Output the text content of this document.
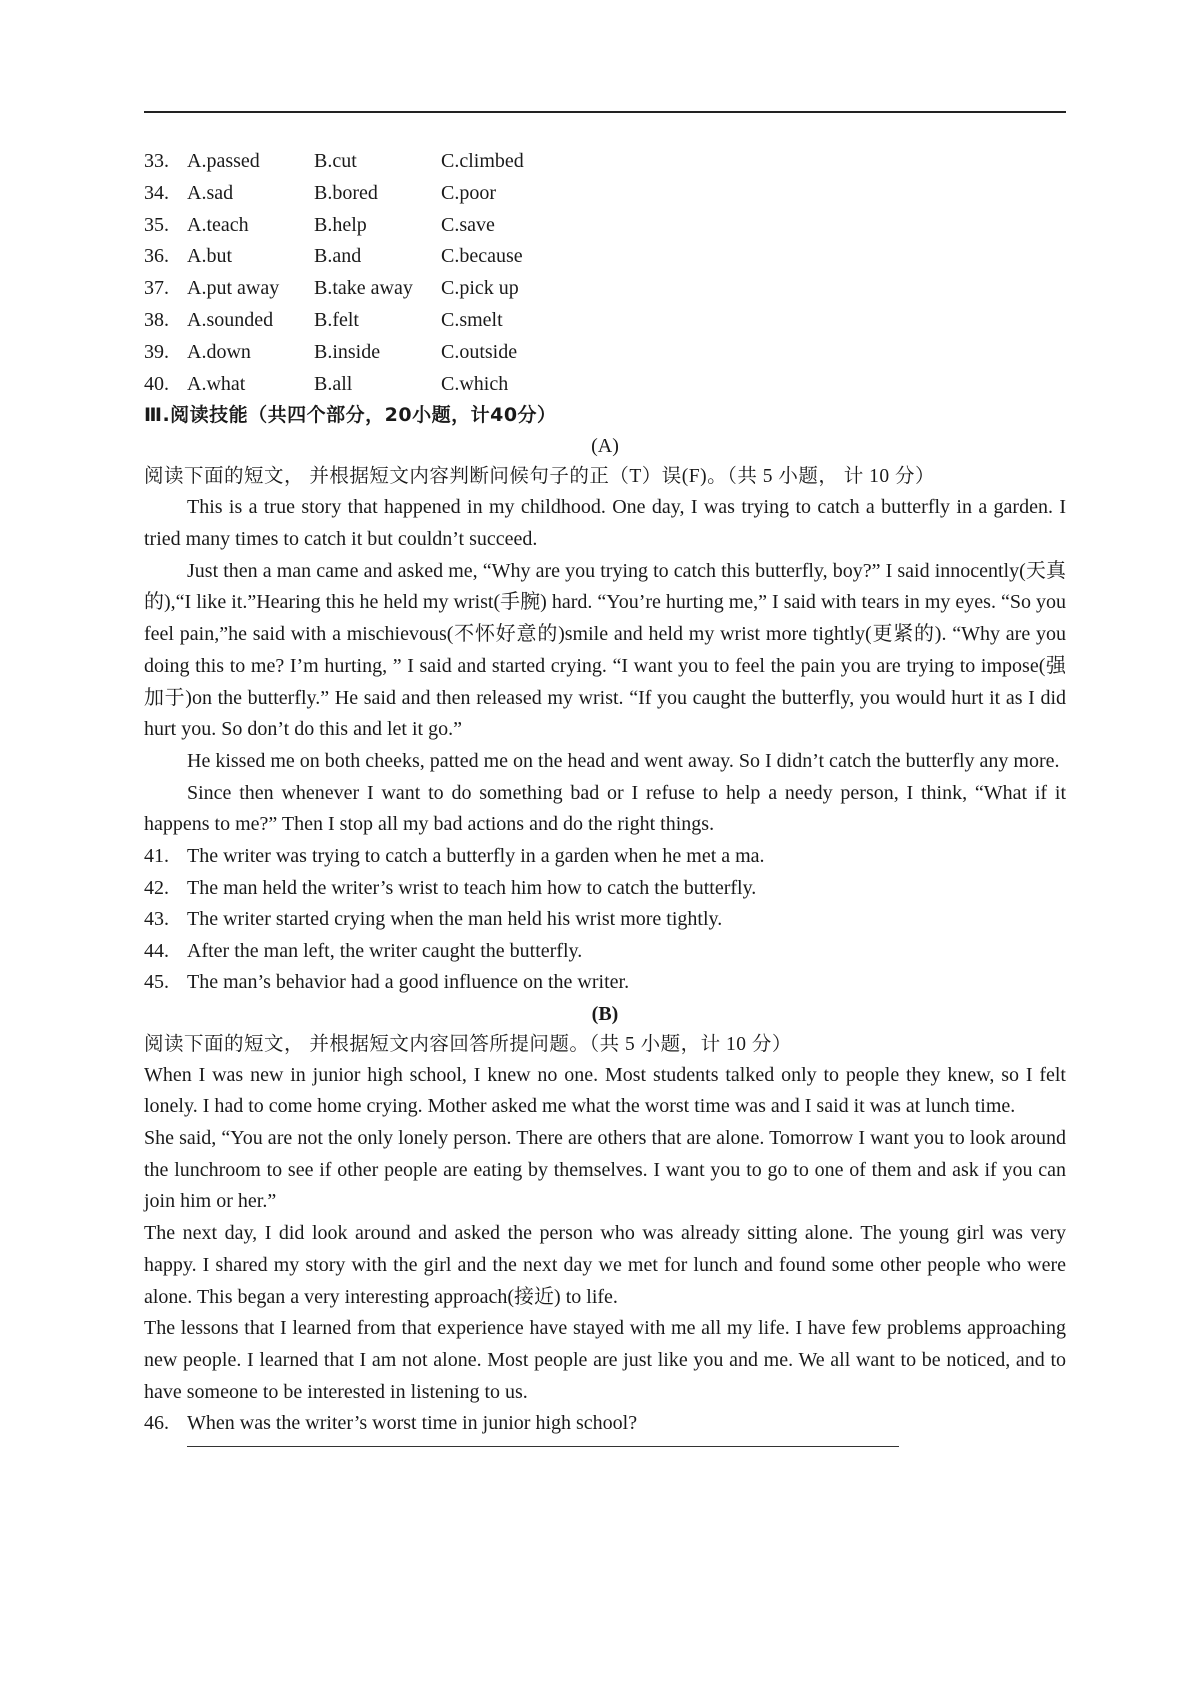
33. A.passed	B.cut	C.climbed
34. A.sad	B.bored	C.poor
35. A.teach	B.help	C.save
36. A.but	B.and	C.because
37. A.put away	B.take away	C.pick up
38. A.sounded	B.felt	C.smelt
39. A.down	B.inside	C.outside
40. A.what	B.all	C.which
Ⅲ.阅读技能（共四个部分，20小题，计40分）
(A)
阅读下面的短文， 并根据短文内容判断问候句子的正（T）误(F)。（共 5 小题， 计 10 分）

This is a true story that happened in my childhood. One day, I was trying to catch a butterfly in a garden. I tried many times to catch it but couldn’t succeed.

Just then a man came and asked me, “Why are you trying to catch this butterfly, boy?” I said innocently(天真的),“I like it.”Hearing this he held my wrist(手腕) hard. “You’re hurting me,” I said with tears in my eyes. “So you feel pain,”he said with a mischievous(不怀好意的)smile and held my wrist more tightly(更紧的). “Why are you doing this to me? I’m hurting, ” I said and started crying. “I want you to feel the pain you are trying to impose(强加于)on the butterfly.” He said and then released my wrist. “If you caught the butterfly, you would hurt it as I did hurt you. So don’t do this and let it go.”

He kissed me on both cheeks, patted me on the head and went away. So I didn’t catch the butterfly any more.

Since then whenever I want to do something bad or I refuse to help a needy person, I think, “What if it happens to me?” Then I stop all my bad actions and do the right things.

41. The writer was trying to catch a butterfly in a garden when he met a ma.
42. The man held the writer’s wrist to teach him how to catch the butterfly.
43. The writer started crying when the man held his wrist more tightly.
44. After the man left, the writer caught the butterfly.
45. The man’s behavior had a good influence on the writer.
(B)
阅读下面的短文， 并根据短文内容回答所提问题。（共 5 小题，计 10 分）

When I was new in junior high school, I knew no one. Most students talked only to people they knew, so I felt lonely. I had to come home crying. Mother asked me what the worst time was and I said it was at lunch time.

She said, “You are not the only lonely person. There are others that are alone. Tomorrow I want you to look around the lunchroom to see if other people are eating by themselves. I want you to go to one of them and ask if you can join him or her.”

The next day, I did look around and asked the person who was already sitting alone. The young girl was very happy. I shared my story with the girl and the next day we met for lunch and found some other people who were alone. This began a very interesting approach(接近) to life.

The lessons that I learned from that experience have stayed with me all my life. I have few problems approaching new people. I learned that I am not alone. Most people are just like you and me. We all want to be noticed, and to have someone to be interested in listening to us.

46. When was the writer’s worst time in junior high school?
